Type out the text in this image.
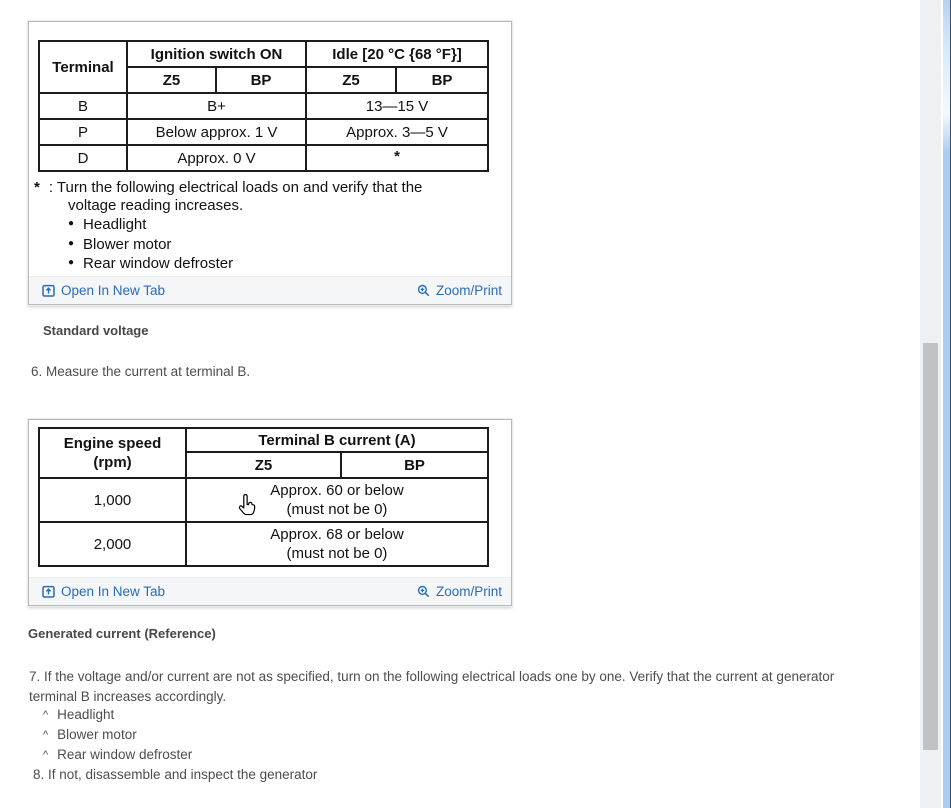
Terminal	Ignition switch ON		Idle [20 °C {68 °F}]	
	Z5	BP	Z5	BP
B	B+		13—15 V	
P	Below approx. 1 V		Approx. 3—5 V	
D	Approx. 0 V		*	
* : Turn the following electrical loads on and verify that the
voltage reading increases.
● Headlight
● Blower motor
● Rear window defroster
Open In New Tab	Zoom/Print
Standard voltage
6. Measure the current at terminal B.
Engine speed
(rpm)	Terminal B current (A)	
	Z5	BP
1,000	Approx. 60 or below
(must not be 0)	

2,000	Approx. 68 or below
(must not be 0)	
Open In New Tab	Zoom/Print
Generated current (Reference)
7. If the voltage and/or current are not as specified, turn on the following electrical loads one by one. Verify that the current at generator
terminal B increases accordingly.
^ Headlight
^ Blower motor
^ Rear window defroster
8. If not, disassemble and inspect the generator
